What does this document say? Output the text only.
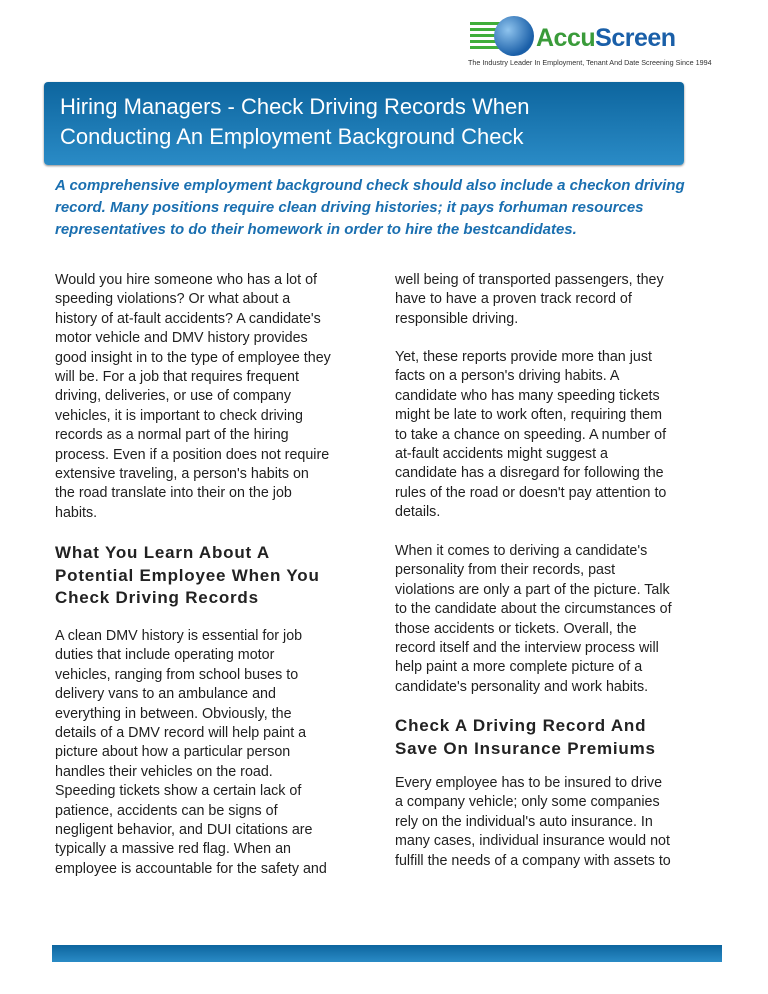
AccuScreen
The Industry Leader In Employment, Tenant And Date Screening Since 1994
Hiring Managers - Check Driving Records When
Conducting An Employment Background Check
A comprehensive employment background check should also include a checkon driving record. Many positions require clean driving histories; it pays forhuman resources representatives to do their homework in order to hire the bestcandidates.
Would you hire someone who has a lot of
speeding violations? Or what about a
history of at-fault accidents? A candidate's
motor vehicle and DMV history provides
good insight in to the type of employee they
will be. For a job that requires frequent
driving, deliveries, or use of company
vehicles, it is important to check driving
records as a normal part of the hiring
process. Even if a position does not require
extensive traveling, a person's habits on
the road translate into their on the job
habits.
What You Learn About A
Potential Employee When You
Check Driving Records
A clean DMV history is essential for job
duties that include operating motor
vehicles, ranging from school buses to
delivery vans to an ambulance and
everything in between. Obviously, the
details of a DMV record will help paint a
picture about how a particular person
handles their vehicles on the road.
Speeding tickets show a certain lack of
patience, accidents can be signs of
negligent behavior, and DUI citations are
typically a massive red flag. When an
employee is accountable for the safety and
well being of transported passengers, they
have to have a proven track record of
responsible driving.
Yet, these reports provide more than just
facts on a person's driving habits. A
candidate who has many speeding tickets
might be late to work often, requiring them
to take a chance on speeding. A number of
at-fault accidents might suggest a
candidate has a disregard for following the
rules of the road or doesn't pay attention to
details.
When it comes to deriving a candidate's
personality from their records, past
violations are only a part of the picture. Talk
to the candidate about the circumstances of
those accidents or tickets. Overall, the
record itself and the interview process will
help paint a more complete picture of a
candidate's personality and work habits.
Check A Driving Record And
Save On Insurance Premiums
Every employee has to be insured to drive
a company vehicle; only some companies
rely on the individual's auto insurance. In
many cases, individual insurance would not
fulfill the needs of a company with assets to
